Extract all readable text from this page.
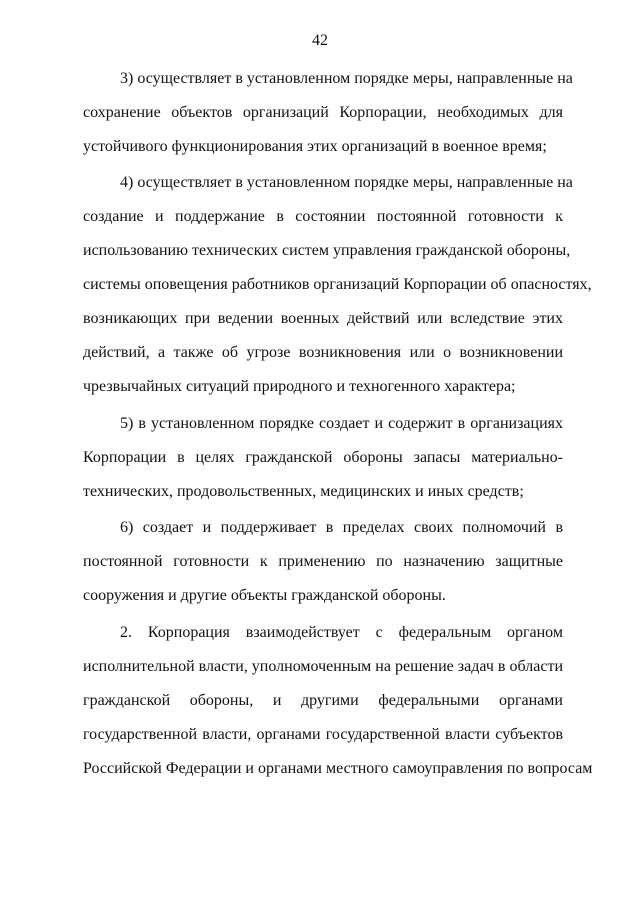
42
3) осуществляет в установленном порядке меры, направленные на
сохранение объектов организаций Корпорации, необходимых для
устойчивого функционирования этих организаций в военное время;
4) осуществляет в установленном порядке меры, направленные на
создание и поддержание в состоянии постоянной готовности к
использованию технических систем управления гражданской обороны,
системы оповещения работников организаций Корпорации об опасностях,
возникающих при ведении военных действий или вследствие этих
действий, а также об угрозе возникновения или о возникновении
чрезвычайных ситуаций природного и техногенного характера;
5) в установленном порядке создает и содержит в организациях
Корпорации в целях гражданской обороны запасы материально-
технических, продовольственных, медицинских и иных средств;
6) создает и поддерживает в пределах своих полномочий в
постоянной готовности к применению по назначению защитные
сооружения и другие объекты гражданской обороны.
2. Корпорация взаимодействует с федеральным органом
исполнительной власти, уполномоченным на решение задач в области
гражданской обороны, и другими федеральными органами
государственной власти, органами государственной власти субъектов
Российской Федерации и органами местного самоуправления по вопросам
